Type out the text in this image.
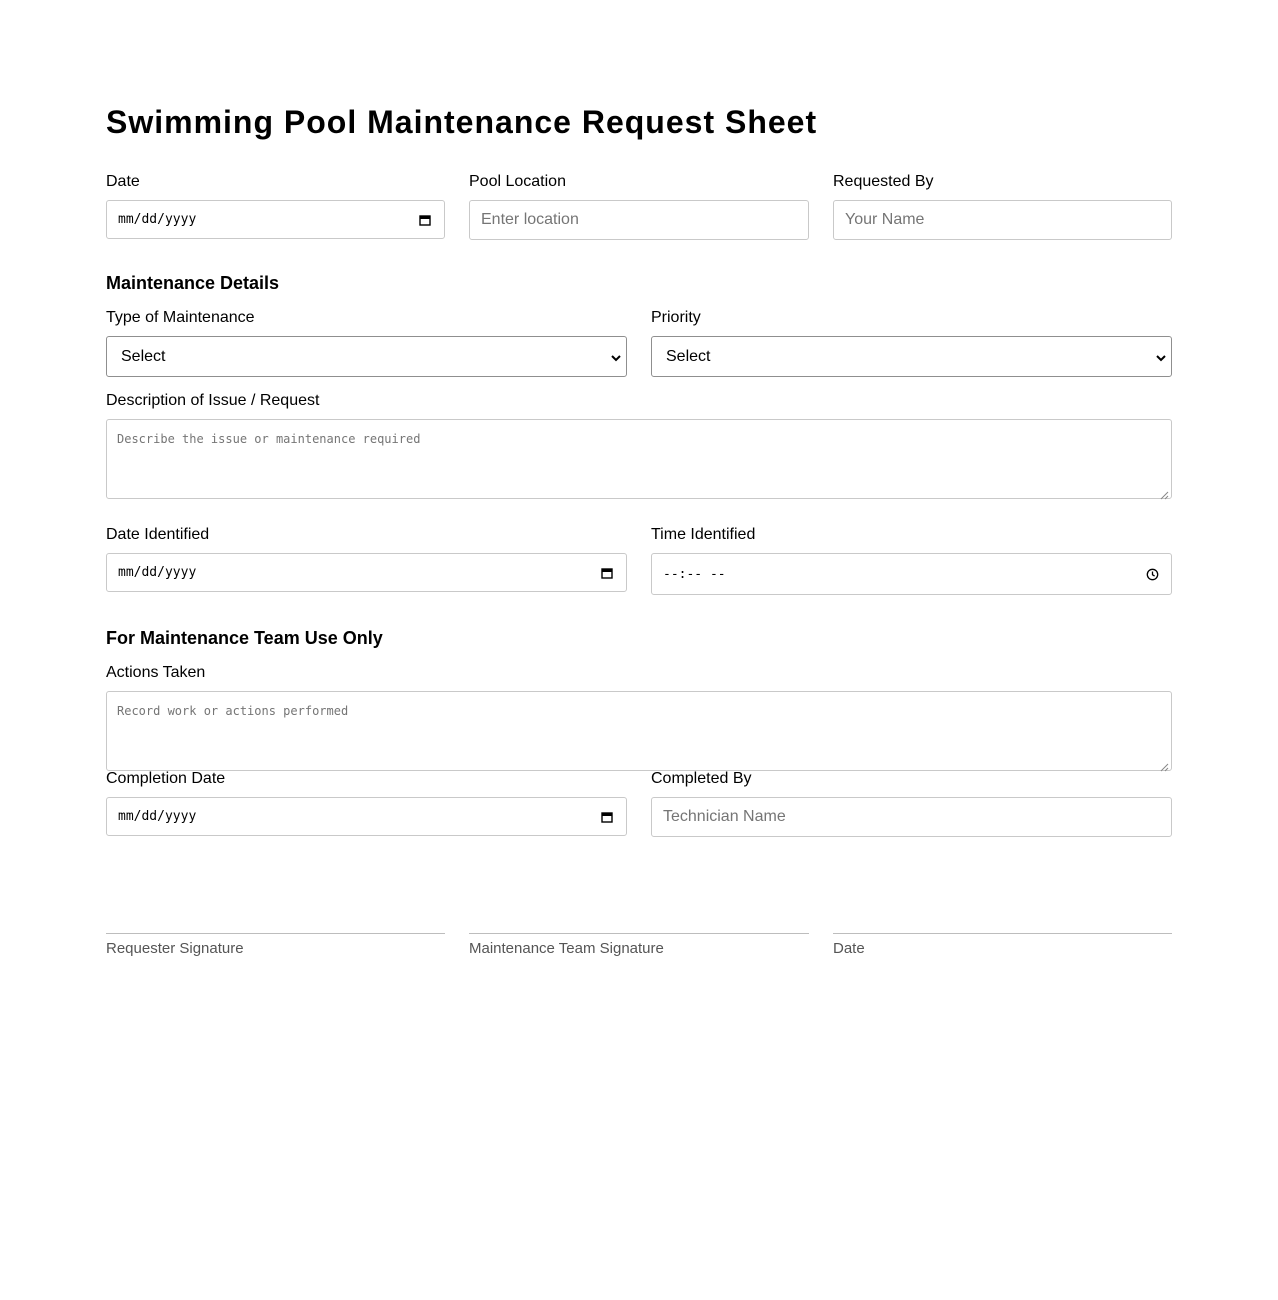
Swimming Pool Maintenance Request Sheet
Date
mm/dd/yyyy
Pool Location
Enter location
Requested By
Your Name
Maintenance Details
Type of Maintenance
Select
Priority
Select
Description of Issue / Request
Describe the issue or maintenance required
Date Identified
mm/dd/yyyy
Time Identified
--:-- --
For Maintenance Team Use Only
Actions Taken
Record work or actions performed
Completion Date
mm/dd/yyyy
Completed By
Technician Name
Requester Signature	Maintenance Team Signature	Date
